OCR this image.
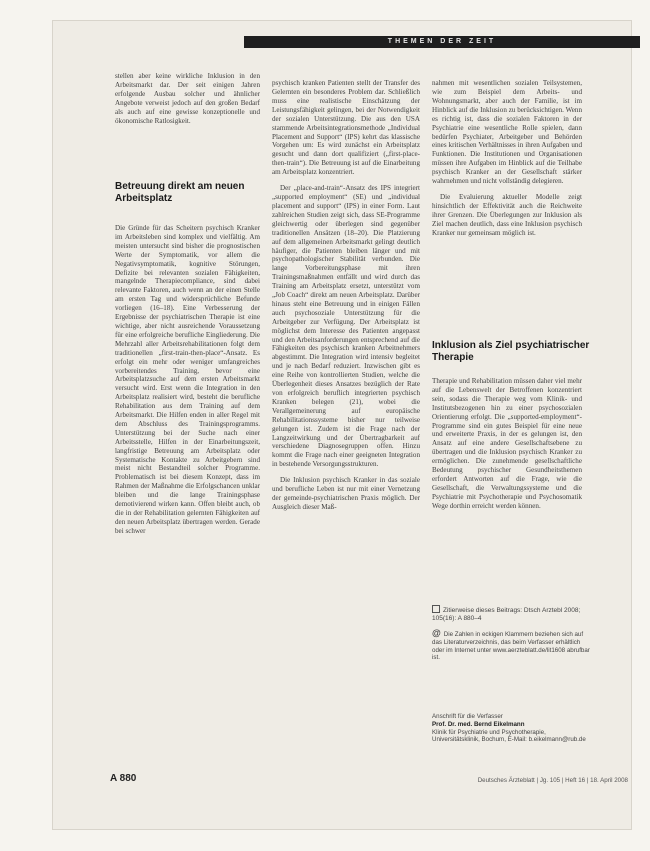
THEMEN DER ZEIT
stellen aber keine wirkliche Inklusion in den Arbeitsmarkt dar. Der seit einigen Jahren erfolgende Ausbau solcher und ähnlicher Angebote verweist jedoch auf den großen Bedarf als auch auf eine gewisse konzeptionelle und ökonomische Ratlosigkeit.
Betreuung direkt am neuen Arbeitsplatz
Die Gründe für das Scheitern psychisch Kranker im Arbeitsleben sind komplex und vielfältig. Am meisten untersucht sind bisher die prognostischen Werte der Symptomatik, vor allem die Negativsymptomatik, kognitive Störungen, Defizite bei relevanten sozialen Fähigkeiten, mangelnde Therapiecompliance, sind dabei relevante Faktoren, auch wenn an der einen Stelle am ersten Tag und widersprüchliche Befunde vorliegen (16–18). Eine Verbesserung der Ergebnisse der psychiatrischen Therapie ist eine wichtige, aber nicht ausreichende Voraussetzung für eine erfolgreiche berufliche Eingliederung. Die Mehrzahl aller Arbeitsrehabilitationen folgt dem traditionellen „first-train-then-place“-Ansatz. Es erfolgt ein mehr oder weniger umfangreiches vorbereitendes Training, bevor eine Arbeitsplatzsuche auf dem ersten Arbeitsmarkt versucht wird. Erst wenn die Integration in den Arbeitsplatz realisiert wird, besteht die berufliche Rehabilitation aus dem Training auf dem Arbeitsmarkt. Die Hilfen enden in aller Regel mit dem Abschluss des Trainingsprogramms. Unterstützung bei der Suche nach einer Arbeitsstelle, Hilfen in der Einarbeitungszeit, langfristige Betreuung am Arbeitsplatz oder Systematische Kontakte zu Arbeitgebern sind meist nicht Bestandteil solcher Programme. Problematisch ist bei diesem Konzept, dass im Rahmen der Maßnahme die Erfolgschancen unklar bleiben und die lange Trainingsphase demotivierend wirken kann. Offen bleibt auch, ob die in der Rehabilitation gelernten Fähigkeiten auf den neuen Arbeitsplatz übertragen werden. Gerade bei schwer

psychisch kranken Patienten stellt der Transfer des Gelernten ein besonderes Problem dar. Schließlich muss eine realistische Einschätzung der Leistungsfähigkeit gelingen, bei der Notwendigkeit der sozialen Unterstützung. Die aus den USA stammende Arbeitsintegrationsmethode „Individual Placement and Support“ (IPS) kehrt das klassische Vorgehen um: Es wird zunächst ein Arbeitsplatz gesucht und dann dort qualifiziert („first-place-then-train“). Die Betreuung ist auf die Einarbeitung am Arbeitsplatz konzentriert.

Der „place-and-train“-Ansatz des IPS integriert „supported employment“ (SE) und „individual placement and support“ (IPS) in einer Form. Laut zahlreichen Studien zeigt sich, dass SE-Programme gleichwertig oder überlegen sind gegenüber traditionellen Ansätzen (18–20). Die Platzierung auf dem allgemeinen Arbeitsmarkt gelingt deutlich häufiger, die Patienten bleiben länger und mit psychopathologischer Stabilität verbunden. Die lange Vorbereitungsphase mit ihren Trainingsmaßnahmen entfällt und wird durch das Training am Arbeitsplatz ersetzt, unterstützt vom „Job Coach“ direkt am neuen Arbeitsplatz. Darüber hinaus steht eine Betreuung und in einigen Fällen auch psychosoziale Unterstützung für die Arbeitgeber zur Verfügung. Der Arbeitsplatz ist möglichst dem Interesse des Patienten angepasst und den Arbeitsanforderungen entsprechend auf die Fähigkeiten des psychisch kranken Arbeitnehmers abgestimmt. Die Integration wird intensiv begleitet und je nach Bedarf reduziert. Inzwischen gibt es eine Reihe von kontrollierten Studien, welche die Überlegenheit dieses Ansatzes bezüglich der Rate von erfolgreich beruflich integrierten psychisch Kranken belegen (21), wobei die Verallgemeinerung auf europäische Rehabilitationssysteme bisher nur teilweise gelungen ist. Zudem ist die Frage nach der Langzeitwirkung und der Übertragbarkeit auf verschiedene Diagnosegruppen offen. Hinzu kommt die Frage nach einer geeigneten Integration in bestehende Versorgungsstrukturen.

Die Inklusion psychisch Kranker in das soziale und berufliche Leben ist nur mit einer Vernetzung der gemeinde-psychiatrischen Praxis möglich. Der Ausgleich dieser Maß-

nahmen mit wesentlichen sozialen Teilsystemen, wie zum Beispiel dem Arbeits- und Wohnungsmarkt, aber auch der Familie, ist im Hinblick auf die Inklusion zu berücksichtigen. Wenn es richtig ist, dass die sozialen Faktoren in der Psychiatrie eine wesentliche Rolle spielen, dann bedürfen Psychiater, Arbeitgeber und Behörden eines kritischen Verhältnisses in ihren Aufgaben und Funktionen. Die Institutionen und Organisationen müssen ihre Aufgaben im Hinblick auf die Teilhabe psychisch Kranker an der Gesellschaft stärker wahrnehmen und nicht vollständig delegieren.

Die Evaluierung aktueller Modelle zeigt hinsichtlich der Effektivität auch die Reichweite ihrer Grenzen. Die Überlegungen zur Inklusion als Ziel machen deutlich, dass eine Inklusion psychisch Kranker nur gemeinsam möglich ist.

Inklusion als Ziel psychiatrischer Therapie
Therapie und Rehabilitation müssen daher viel mehr auf die Lebenswelt der Betroffenen konzentriert sein, sodass die Therapie weg vom Klinik- und Institutsbezogenen hin zu einer psychosozialen Orientierung erfolgt. Die „supported-employment“-Programme sind ein gutes Beispiel für eine neue und erweiterte Praxis, in der es gelungen ist, den Ansatz auf eine andere Gesellschaftsebene zu übertragen und die Inklusion psychisch Kranker zu ermöglichen. Die zunehmende gesellschaftliche Bedeutung psychischer Gesundheitsthemen erfordert Antworten auf die Frage, wie die Gesellschaft, die Verwaltungssysteme und die Psychiatrie mit Psychotherapie und Psychosomatik Wege dorthin erreicht werden können.
Zitierweise dieses Beitrags: Dtsch Arztebl 2008; 105(16): A 880–4
@ Die Zahlen in eckigen Klammern beziehen sich auf das Literaturverzeichnis, das beim Verfasser erhältlich oder im Internet unter www.aerzteblatt.de/lit1608 abrufbar ist.
Anschrift für die Verfasser
Prof. Dr. med. Bernd Eikelmann
Klinik für Psychiatrie und Psychotherapie, Universitätsklinik, Bochum, E-Mail: b.eikelmann@rub.de
A 880	Deutsches Ärzteblatt | Jg. 105 | Heft 16 | 18. April 2008
